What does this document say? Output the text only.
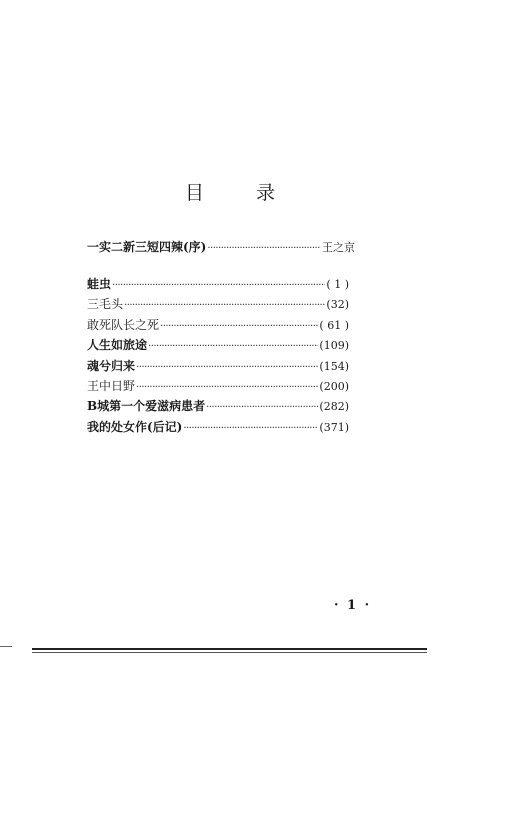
目	录
一实二新三短四辣(序) ·····	王之京
蛙虫 ·····	( 1 )
三毛头 ·····	(32)
敢死队长之死 ·····	( 61 )
人生如旅途 ·····	(109)
魂兮归来 ·····	(154)
王中日野 ·····	(200)
B城第一个爱滋病患者 ·····	(282)
我的处女作(后记) ·····	(371)
· 1 ·
